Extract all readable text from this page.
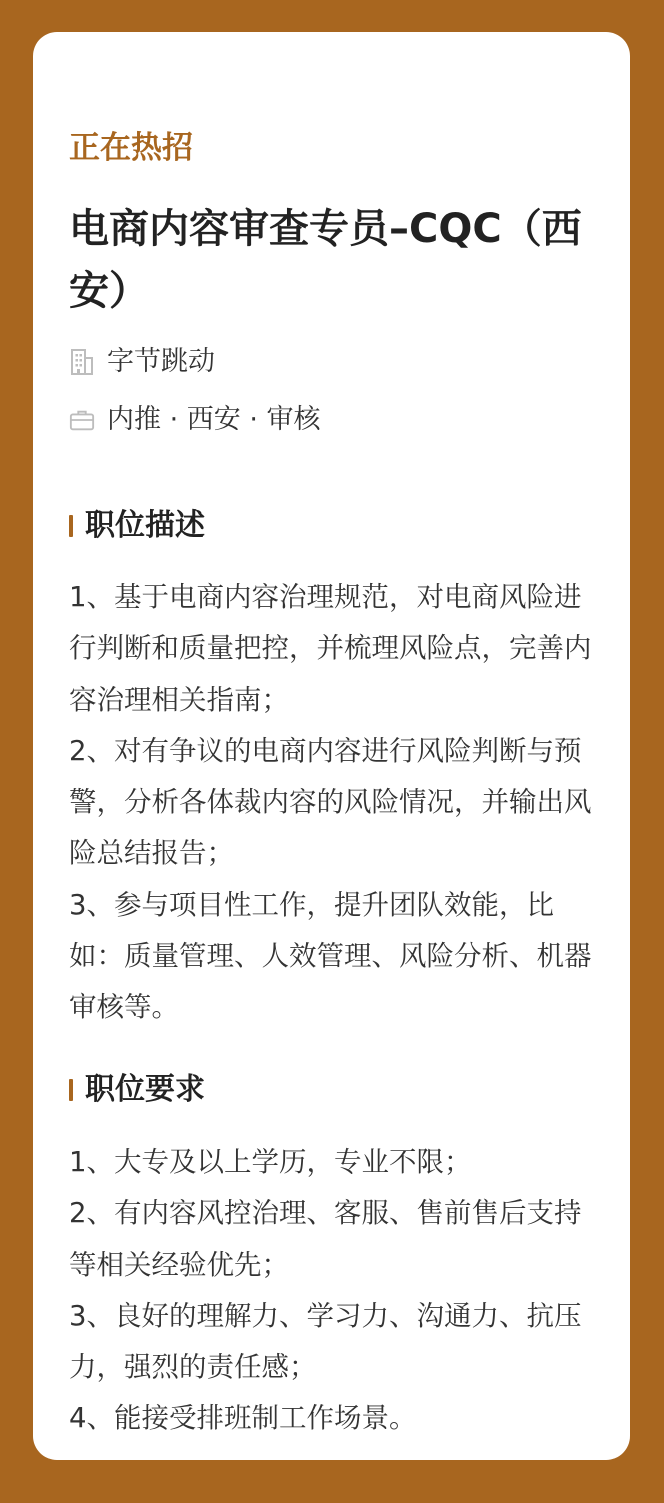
正在热招
电商内容审查专员–CQC（西安）
字节跳动
内推 · 西安 · 审核
职位描述

1、基于电商内容治理规范，对电商风险进行判断和质量把控，并梳理风险点，完善内容治理相关指南；

2、对有争议的电商内容进行风险判断与预警，分析各体裁内容的风险情况，并输出风险总结报告；

3、参与项目性工作，提升团队效能，比如：质量管理、人效管理、风险分析、机器审核等。

职位要求

1、大专及以上学历，专业不限；

2、有内容风控治理、客服、售前售后支持等相关经验优先；

3、良好的理解力、学习力、沟通力、抗压力，强烈的责任感；

4、能接受排班制工作场景。
